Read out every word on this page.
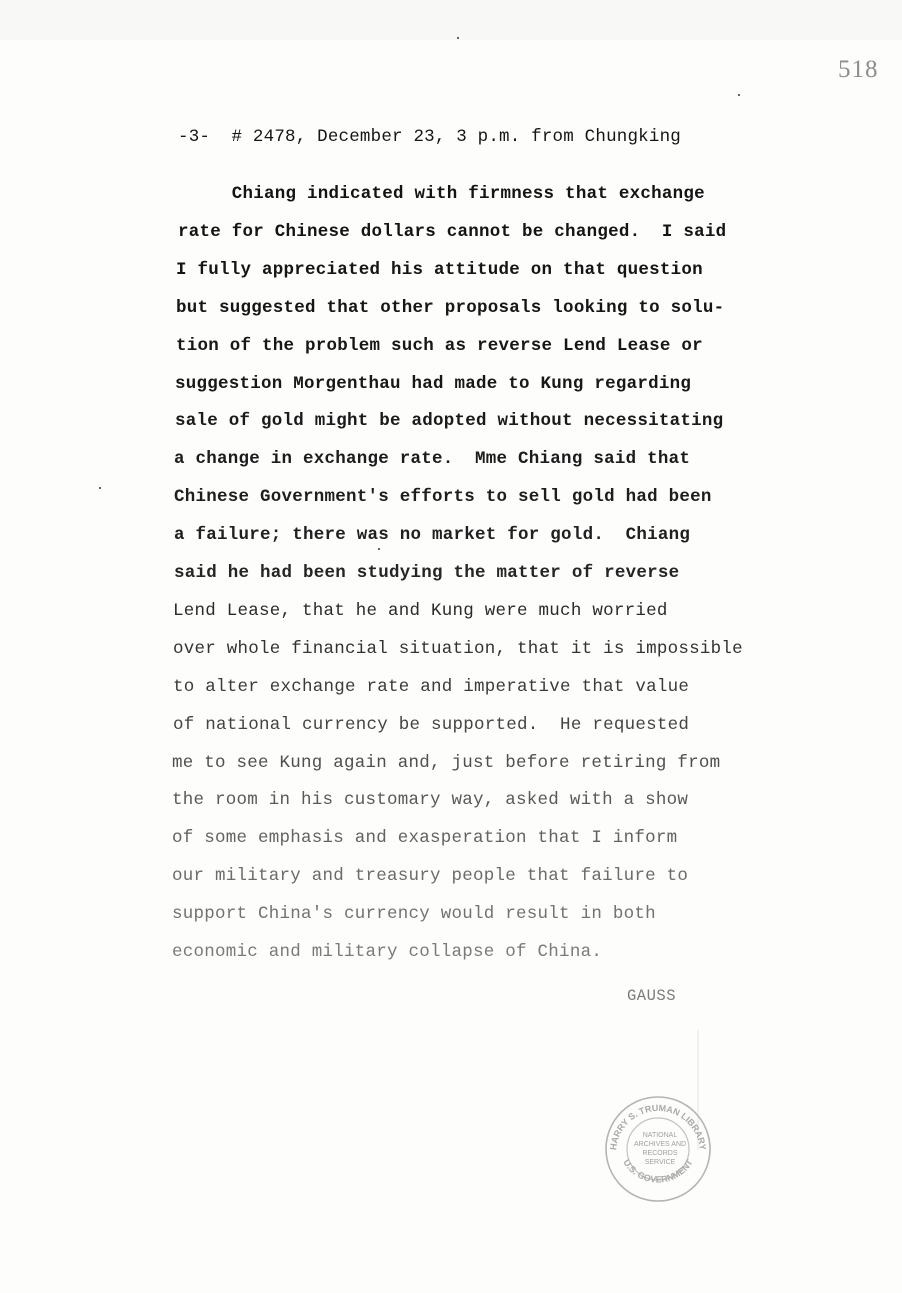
518
-3-  # 2478, December 23, 3 p.m. from Chungking
Chiang indicated with firmness that exchange
rate for Chinese dollars cannot be changed.  I said
I fully appreciated his attitude on that question
but suggested that other proposals looking to solu-
tion of the problem such as reverse Lend Lease or
suggestion Morgenthau had made to Kung regarding
sale of gold might be adopted without necessitating
a change in exchange rate.  Mme Chiang said that
Chinese Government's efforts to sell gold had been
a failure; there was no market for gold.  Chiang
said he had been studying the matter of reverse
Lend Lease, that he and Kung were much worried
over whole financial situation, that it is impossible
to alter exchange rate and imperative that value
of national currency be supported.  He requested
me to see Kung again and, just before retiring from
the room in his customary way, asked with a show
of some emphasis and exasperation that I inform
our military and treasury people that failure to
support China's currency would result in both
economic and military collapse of China.
GAUSS
HARRY S. TRUMAN LIBRARY
U.S. GOVERNMENT
NATIONAL
ARCHIVES AND
RECORDS
SERVICE
